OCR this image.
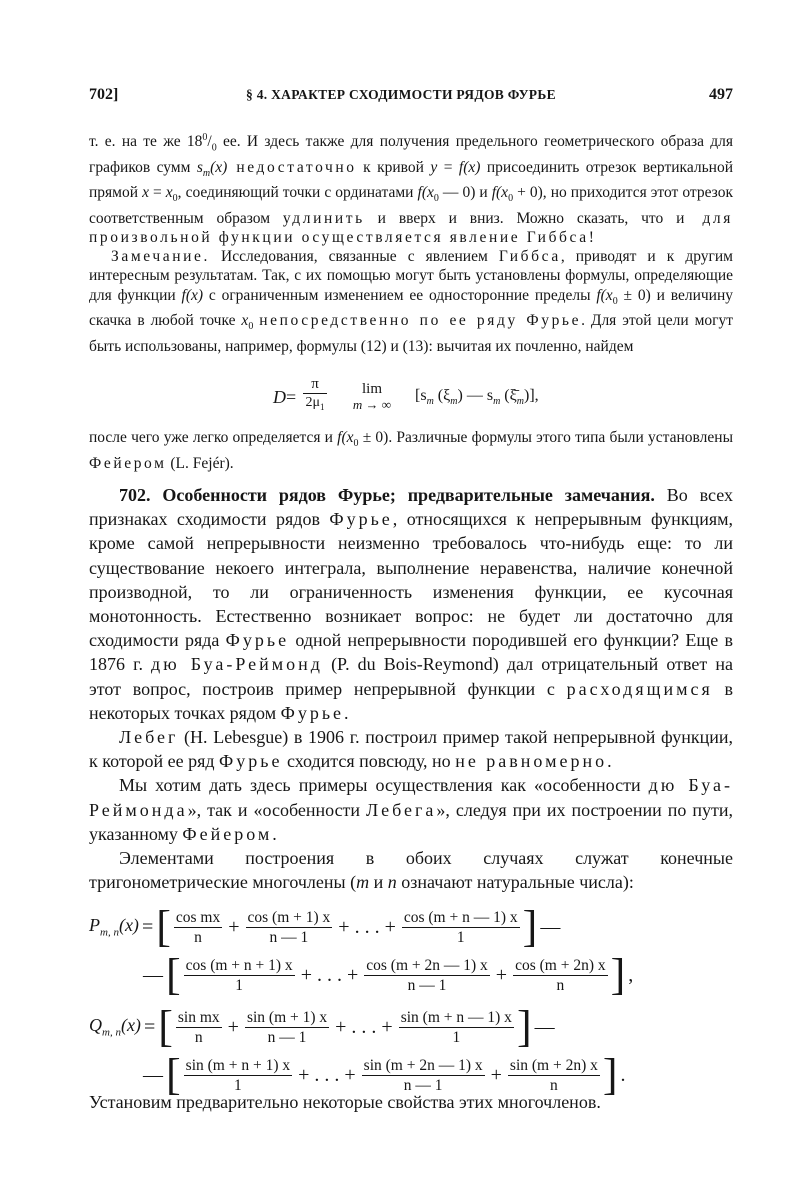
702]	§ 4. ХАРАКТЕР СХОДИМОСТИ РЯДОВ ФУРЬЕ	497

т. е. на те же $18^0/_0$ ее. И здесь также для получения предельного геометрического образа для графиков сумм $s_m(x)$ недостаточно к кривой y = f(x) присоединить отрезок вертикальной прямой $x = x_0$, соединяющий точки с ординатами $f(x_0$ — 0) и $f(x_0 + 0)$, но приходится этот отрезок соответственным образом удлинить и вверх и вниз. Можно сказать, что и для произвольной функции осуществляется явление Гиббса!

Замечание. Исследования, связанные с явлением Гиббса, приводят и к другим интересным результатам. Так, с их помощью могут быть установлены формулы, определяющие для функции f(x) с ограниченным изменением ее односторонние пределы $f(x_0 \pm 0)$ и величину скачка в любой точке $x_0$ непосредственно по ее ряду Фурье. Для этой цели могут быть использованы, например, формулы (12) и (13): вычитая их почленно, найдем

D=
π
$2\mu_1$
lim
m → ∞
[$s_m$ $(\xi_m)$ — $s_m$ $(\xī_m)$],

после чего уже легко определяется и $f(x_0 \pm 0)$. Различные формулы этого типа были установлены Фейером (L. Fejér).

702. Особенности рядов Фурье; предварительные замечания. Во всех признаках сходимости рядов Фурье, относящихся к непрерывным функциям, кроме самой непрерывности неизменно требовалось что-нибудь еще: то ли существование некоего интеграла, выполнение неравенства, наличие конечной производной, то ли ограниченность изменения функции, ее кусочная монотонность. Естественно возникает вопрос: не будет ли достаточно для сходимости ряда Фурье одной непрерывности породившей его функции? Еще в 1876 г. дю Буа-Реймонд (P. du Bois-Reymond) дал отрицательный ответ на этот вопрос, построив пример непрерывной функции с расходящимся в некоторых точках рядом Фурье.

Лебег (H. Lebesgue) в 1906 г. построил пример такой непрерывной функции, к которой ее ряд Фурье сходится повсюду, но не равномерно.

Мы хотим дать здесь примеры осуществления как «особенности дю Буа-Реймонда», так и «особенности Лебега», следуя при их построении по пути, указанному Фейером.

Элементами построения в обоих случаях служат конечные тригонометрические многочлены (m и n означают натуральные числа):

$P_{m, n}(x)$ =[ $\frac{\text{cos mx}}{n} + \frac{\cos (m + 1) x}{n — 1}$ + . . . + $\frac{\cos (m + n — 1) x}{1}$ ] —
—[ $\frac{\cos (m + n + 1) x}{1}$ + . . . + $\frac{\cos (m + 2n — 1) x}{n — 1} + \frac{\cos (m + 2n) x}{n}$ ] ,
$Q_{m, n}(x)$ =[ $\frac{\text{sin mx}}{n} + \frac{\sin (m + 1) x}{n — 1}$ + . . . + $\frac{\sin (m + n — 1) x}{1}$ ] —
—[ $\frac{\sin (m + n + 1) x}{1}$ + . . . + $\frac{\sin (m + 2n — 1) x}{n — 1} + \frac{\sin (m + 2n) x}{n}$ ] .
Установим предварительно некоторые свойства этих многочленов.
